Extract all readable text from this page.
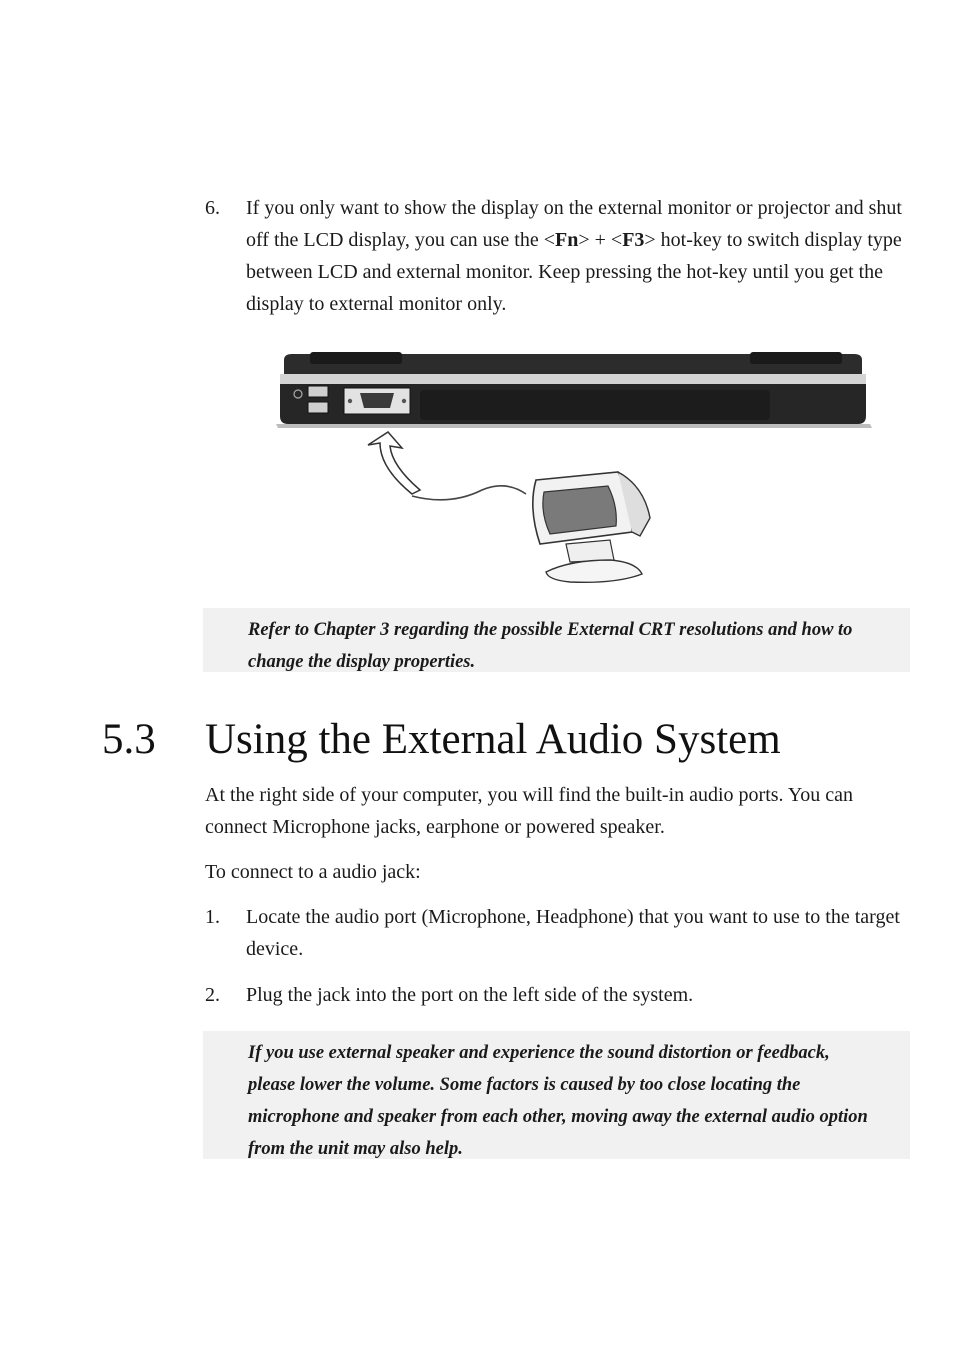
6.	If you only want to show the display on the external monitor or projector and shut off the LCD display, you can use the <Fn> + <F3> hot-key to switch display type between LCD and external monitor. Keep pressing the hot-key until you get the display to external monitor only.

Refer to Chapter 3 regarding the possible External CRT resolutions and how to change the display properties.

5.3 Using the External Audio System
At the right side of your computer, you will find the built-in audio ports. You can connect Microphone jacks, earphone or powered speaker.
To connect to a audio jack:
1.	Locate the audio port (Microphone, Headphone) that you want to use to the target device.
2.	Plug the jack into the port on the left side of the system.

If you use external speaker and experience the sound distortion or feedback, please lower the volume. Some factors is caused by too close locating the microphone and speaker from each other, moving away the external audio option from the unit may also help.
